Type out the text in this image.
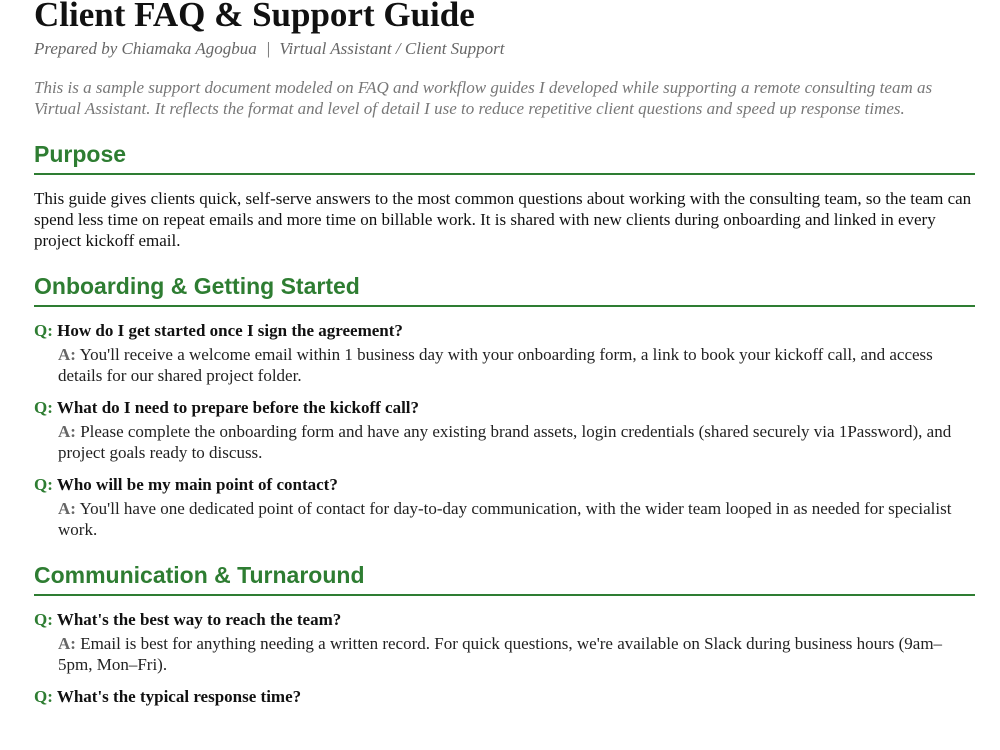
Client FAQ & Support Guide
Prepared by Chiamaka Agogbua | Virtual Assistant / Client Support
This is a sample support document modeled on FAQ and workflow guides I developed while supporting a remote consulting team as Virtual Assistant. It reflects the format and level of detail I use to reduce repetitive client questions and speed up response times.
Purpose
This guide gives clients quick, self-serve answers to the most common questions about working with the consulting team, so the team can spend less time on repeat emails and more time on billable work. It is shared with new clients during onboarding and linked in every project kickoff email.
Onboarding & Getting Started
Q: How do I get started once I sign the agreement?
A: You'll receive a welcome email within 1 business day with your onboarding form, a link to book your kickoff call, and access details for our shared project folder.
Q: What do I need to prepare before the kickoff call?
A: Please complete the onboarding form and have any existing brand assets, login credentials (shared securely via 1Password), and project goals ready to discuss.
Q: Who will be my main point of contact?
A: You'll have one dedicated point of contact for day-to-day communication, with the wider team looped in as needed for specialist work.
Communication & Turnaround
Q: What's the best way to reach the team?
A: Email is best for anything needing a written record. For quick questions, we're available on Slack during business hours (9am–5pm, Mon–Fri).
Q: What's the typical response time?
